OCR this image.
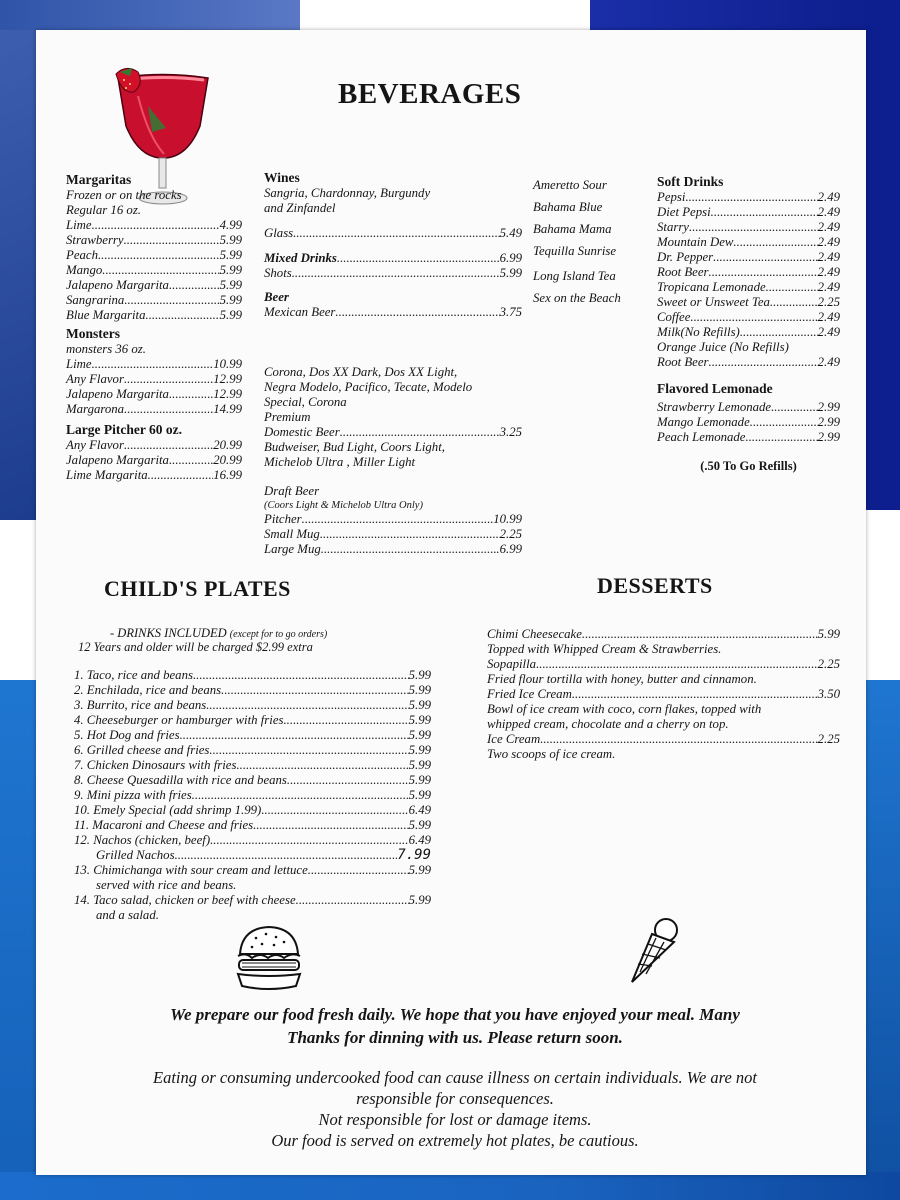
BEVERAGES
Margaritas
Frozen or on the rocks
Regular 16 oz.
Lime .....	4.99
Strawberry .....	5.99
Peach .....	5.99
Mango .....	5.99
Jalapeno Margarita .....	5.99
Sangrarina .....	5.99
Blue Margarita .....	5.99
Monsters
monsters 36 oz.
Lime .....	10.99
Any Flavor .....	12.99
Jalapeno Margarita .....	12.99
Margarona .....	14.99
Large Pitcher 60 oz.
Any Flavor .....	20.99
Jalapeno Margarita .....	20.99
Lime Margarita .....	16.99
Wines
Sangria, Chardonnay, Burgundy
and Zinfandel
Glass .....	5.49
Mixed Drinks .....	6.99
Shots .....	5.99
Beer
Mexican Beer .....	3.75
Corona, Dos XX Dark, Dos XX Light,
Negra Modelo, Pacifico, Tecate, Modelo
Special, Corona
Premium
Domestic Beer .....	3.25
Budweiser, Bud Light, Coors Light,
Michelob Ultra , Miller Light
Draft Beer
(Coors Light & Michelob Ultra Only)
Pitcher .....	10.99
Small Mug .....	2.25
Large Mug .....	.6.99
Ameretto Sour
Bahama Blue
Bahama Mama
Tequilla Sunrise
Long Island Tea
Sex on the Beach
Soft Drinks
Pepsi .....	2.49
Diet Pepsi .....	2.49
Starry .....	2.49
Mountain Dew .....	2.49
Dr. Pepper .....	2.49
Root Beer .....	2.49
Tropicana Lemonade .....	2.49
Sweet or Unsweet Tea .....	2.25
Coffee .....	2.49
Milk(No Refills) .....	2.49
Orange Juice (No Refills)
Root Beer .....	2.49
Flavored Lemonade
Strawberry Lemonade .....	2.99
Mango Lemonade .....	2.99
Peach Lemonade .....	2.99
(.50 To Go Refills)
CHILD'S PLATES
- DRINKS INCLUDED (except for to go orders)
12 Years and older will be charged $2.99 extra
1. Taco, rice and beans .....	5.99
2. Enchilada, rice and beans .....	5.99
3. Burrito, rice and beans .....	5.99
4. Cheeseburger or hamburger with fries .....	5.99
5. Hot Dog and fries .....	5.99
6. Grilled cheese and fries .....	5.99
7. Chicken Dinosaurs with fries .....	5.99
8. Cheese Quesadilla with rice and beans .....	5.99
9. Mini pizza with fries .....	5.99
10. Emely Special (add shrimp 1.99) .....	6.49
11. Macaroni and Cheese and fries .....	5.99
12. Nachos (chicken, beef) .....	6.49
Grilled Nachos .....	7.99
13. Chimichanga with sour cream and lettuce .....	5.99
served with rice and beans.
14. Taco salad, chicken or beef with cheese .....	5.99
and a salad.
DESSERTS
Chimi Cheesecake .....	5.99
Topped with Whipped Cream & Strawberries.
Sopapilla .....	2.25
Fried flour tortilla with honey, butter and cinnamon.
Fried Ice Cream .....	3.50
Bowl of ice cream with coco, corn flakes, topped with
whipped cream, chocolate and a cherry on top.
Ice Cream .....	2.25
Two scoops of ice cream.
We prepare our food fresh daily. We hope that you have enjoyed your meal. Many
Thanks for dinning with us. Please return soon.
Eating or consuming undercooked food can cause illness on certain individuals. We are not
responsible for consequences.
Not responsible for lost or damage items.
Our food is served on extremely hot plates, be cautious.
